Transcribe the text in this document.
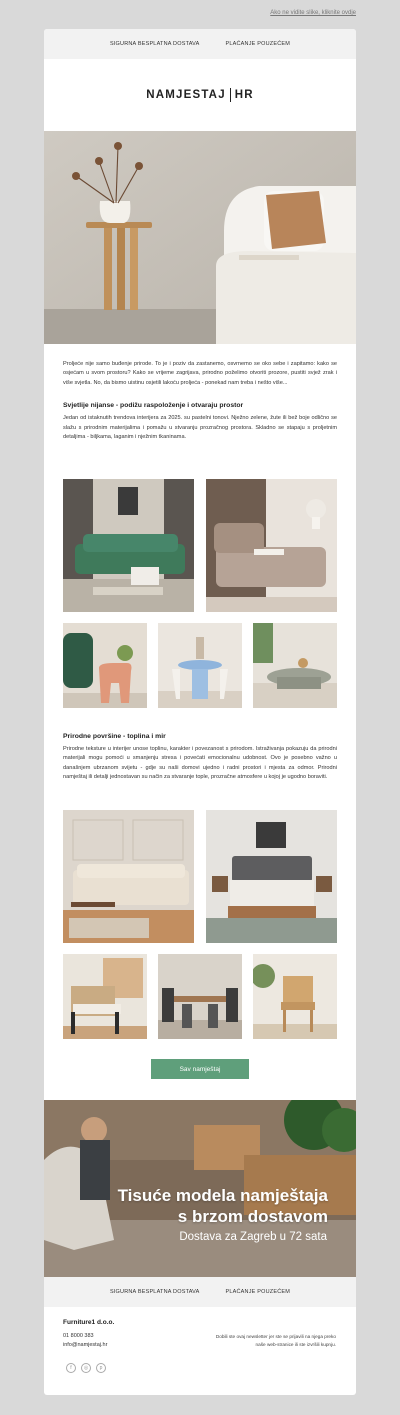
Ako ne vidite slike, kliknite ovdje
SIGURNA BESPLATNA DOSTAVA	PLAĆANJE POUZEĆEM
NAMJESTAJ HR
Proljeće nije samo buđenje prirode. To je i poziv da zastanemo, osvrnemo se oko sebe i zapitamo: kako se osjećam u svom prostoru? Kako se vrijeme zagrijava, prirodno poželimo otvoriti prozore, pustiti svjež zrak i više svjetla. No, da bismo uistinu osjetili lakoću proljeća - ponekad nam treba i nešto više...
Svjetlije nijanse - podižu raspoloženje i otvaraju prostor
Jedan od istaknutih trendova interijera za 2025. su pastelni tonovi. Nježno zelene, žute ili bež boje odlično se slažu s prirodnim materijalima i pomažu u stvaranju prozračnog prostora. Skladno se stapaju s proljetnim detaljima - biljkama, laganim i nježnim tkaninama.
Prirodne površine - toplina i mir
Prirodne teksture u interijer unose toplinu, karakter i povezanost s prirodom. Istraživanja pokazuju da prirodni materijali mogu pomoći u smanjenju stresa i povećati emocionalnu udobnost. Ovo je posebno važno u današnjem ubrzanom svijetu - gdje su naši domovi ujedno i radni prostori i mjesta za odmor. Prirodni namještaj ili detalji jednostavan su način za stvaranje tople, prozračne atmosfere u kojoj je ugodno boraviti.
Sav namještaj
Tisuće modela namještaja
s brzom dostavom
Dostava za Zagreb u 72 sata
SIGURNA BESPLATNA DOSTAVA	PLAĆANJE POUZEĆEM
Furniture1 d.o.o.
01 8000 383
info@namjestaj.hr
Dobili ste ovaj newsletter jer ste se prijavili na njega preko naše web-stranice ili ste izvršili kupnju.
f	◎	p
